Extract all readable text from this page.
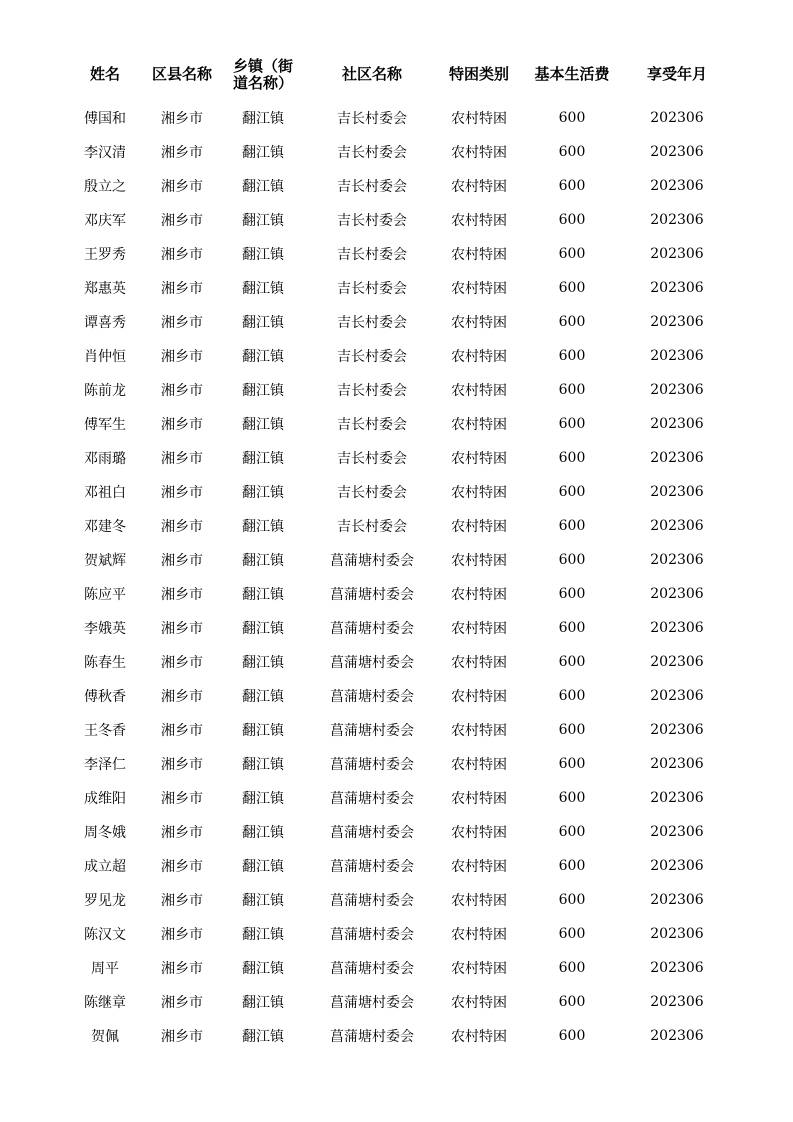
姓名	区县名称	乡镇（街道名称）	社区名称	特困类别	基本生活费	享受年月
傅国和	湘乡市	翻江镇	吉长村委会	农村特困	600	202306
李汉清	湘乡市	翻江镇	吉长村委会	农村特困	600	202306
殷立之	湘乡市	翻江镇	吉长村委会	农村特困	600	202306
邓庆军	湘乡市	翻江镇	吉长村委会	农村特困	600	202306
王罗秀	湘乡市	翻江镇	吉长村委会	农村特困	600	202306
郑惠英	湘乡市	翻江镇	吉长村委会	农村特困	600	202306
谭喜秀	湘乡市	翻江镇	吉长村委会	农村特困	600	202306
肖仲恒	湘乡市	翻江镇	吉长村委会	农村特困	600	202306
陈前龙	湘乡市	翻江镇	吉长村委会	农村特困	600	202306
傅军生	湘乡市	翻江镇	吉长村委会	农村特困	600	202306
邓雨璐	湘乡市	翻江镇	吉长村委会	农村特困	600	202306
邓祖白	湘乡市	翻江镇	吉长村委会	农村特困	600	202306
邓建冬	湘乡市	翻江镇	吉长村委会	农村特困	600	202306
贺斌辉	湘乡市	翻江镇	菖蒲塘村委会	农村特困	600	202306
陈应平	湘乡市	翻江镇	菖蒲塘村委会	农村特困	600	202306
李娥英	湘乡市	翻江镇	菖蒲塘村委会	农村特困	600	202306
陈春生	湘乡市	翻江镇	菖蒲塘村委会	农村特困	600	202306
傅秋香	湘乡市	翻江镇	菖蒲塘村委会	农村特困	600	202306
王冬香	湘乡市	翻江镇	菖蒲塘村委会	农村特困	600	202306
李泽仁	湘乡市	翻江镇	菖蒲塘村委会	农村特困	600	202306
成维阳	湘乡市	翻江镇	菖蒲塘村委会	农村特困	600	202306
周冬娥	湘乡市	翻江镇	菖蒲塘村委会	农村特困	600	202306
成立超	湘乡市	翻江镇	菖蒲塘村委会	农村特困	600	202306
罗见龙	湘乡市	翻江镇	菖蒲塘村委会	农村特困	600	202306
陈汉文	湘乡市	翻江镇	菖蒲塘村委会	农村特困	600	202306
周平	湘乡市	翻江镇	菖蒲塘村委会	农村特困	600	202306
陈继章	湘乡市	翻江镇	菖蒲塘村委会	农村特困	600	202306
贺佩	湘乡市	翻江镇	菖蒲塘村委会	农村特困	600	202306
